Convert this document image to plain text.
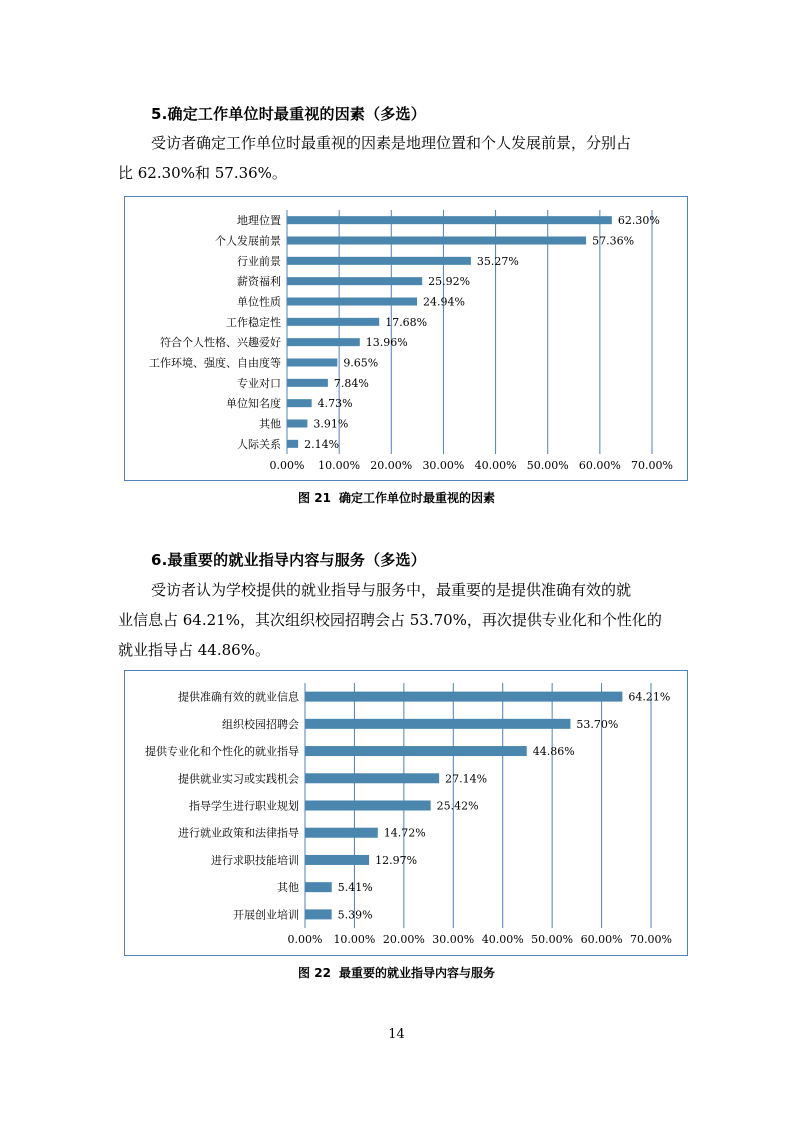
5.确定工作单位时最重视的因素（多选）
受访者确定工作单位时最重视的因素是地理位置和个人发展前景，分别占
比 62.30%和 57.36%。
0.00% 10.00% 20.00% 30.00% 40.00% 50.00% 60.00% 70.00%
地理位置	62.30%
个人发展前景	57.36%
行业前景	35.27%
薪资福利	25.92%
单位性质	24.94%
工作稳定性	17.68%
符合个人性格、兴趣爱好	13.96%
工作环境、强度、自由度等	9.65%
专业对口	7.84%
单位知名度	4.73%
其他	3.91%
人际关系 2.14%
图 21 确定工作单位时最重视的因素
6.最重要的就业指导内容与服务（多选）
受访者认为学校提供的就业指导与服务中，最重要的是提供准确有效的就
业信息占 64.21%，其次组织校园招聘会占 53.70%，再次提供专业化和个性化的
就业指导占 44.86%。
0.00% 10.00% 20.00% 30.00% 40.00% 50.00% 60.00% 70.00%
提供准确有效的就业信息	64.21%
组织校园招聘会	53.70%
提供专业化和个性化的就业指导	44.86%
提供就业实习或实践机会	27.14%
指导学生进行职业规划	25.42%
进行就业政策和法律指导	14.72%
进行求职技能培训	12.97%
其他	5.41%
开展创业培训	5.39%
图 22 最重要的就业指导内容与服务
14
